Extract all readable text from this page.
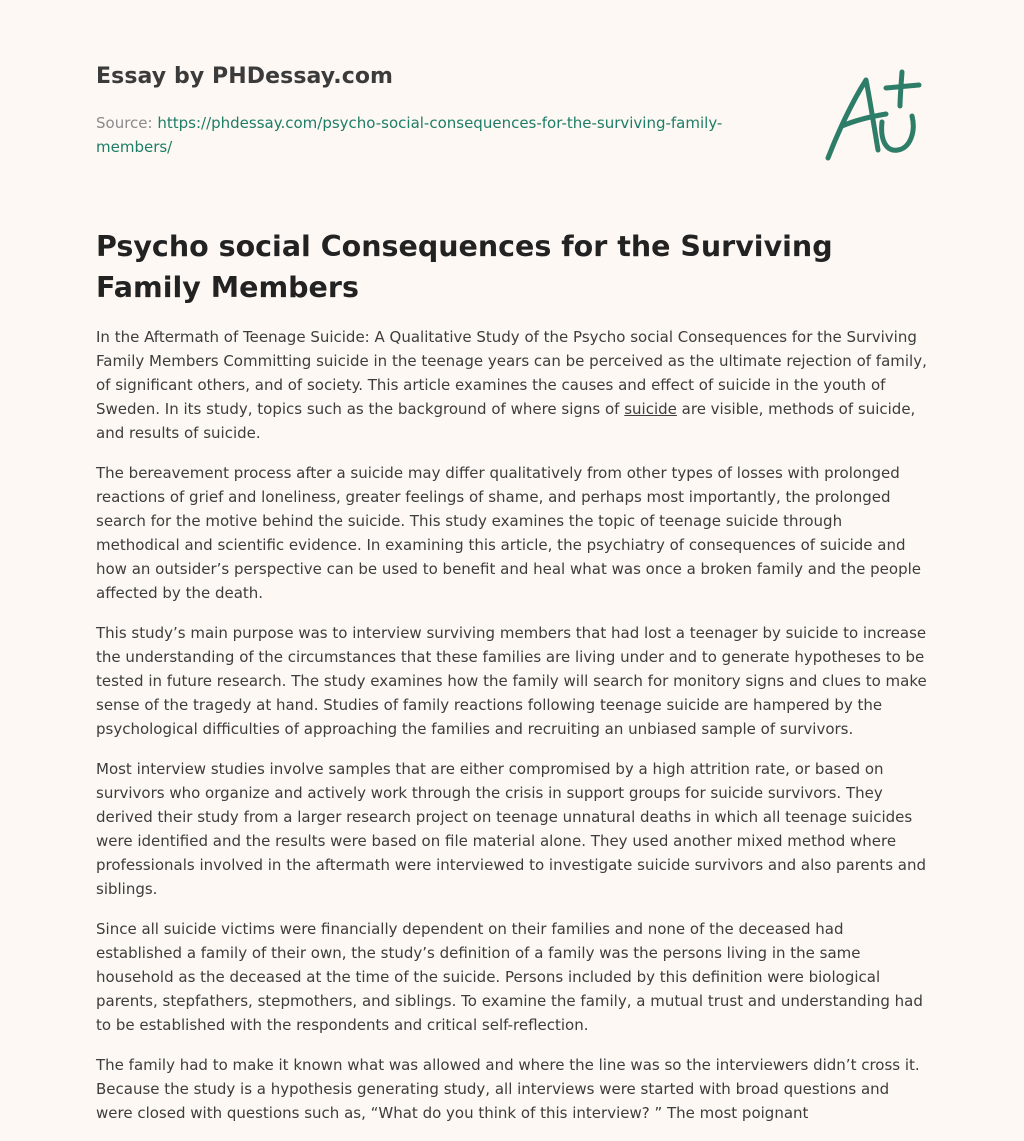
Essay by PHDessay.com
Source: https://phdessay.com/psycho-social-consequences-for-the-surviving-family-members/
Psycho social Consequences for the Surviving Family Members

In the Aftermath of Teenage Suicide: A Qualitative Study of the Psycho social Consequences for the Surviving Family Members Committing suicide in the teenage years can be perceived as the ultimate rejection of family, of significant others, and of society. This article examines the causes and effect of suicide in the youth of Sweden. In its study, topics such as the background of where signs of suicide are visible, methods of suicide, and results of suicide.

The bereavement process after a suicide may differ qualitatively from other types of losses with prolonged reactions of grief and loneliness, greater feelings of shame, and perhaps most importantly, the prolonged search for the motive behind the suicide. This study examines the topic of teenage suicide through methodical and scientific evidence. In examining this article, the psychiatry of consequences of suicide and how an outsider’s perspective can be used to benefit and heal what was once a broken family and the people affected by the death.

This study’s main purpose was to interview surviving members that had lost a teenager by suicide to increase the understanding of the circumstances that these families are living under and to generate hypotheses to be tested in future research. The study examines how the family will search for monitory signs and clues to make sense of the tragedy at hand. Studies of family reactions following teenage suicide are hampered by the psychological difficulties of approaching the families and recruiting an unbiased sample of survivors.

Most interview studies involve samples that are either compromised by a high attrition rate, or based on survivors who organize and actively work through the crisis in support groups for suicide survivors. They derived their study from a larger research project on teenage unnatural deaths in which all teenage suicides were identified and the results were based on file material alone. They used another mixed method where professionals involved in the aftermath were interviewed to investigate suicide survivors and also parents and siblings.

Since all suicide victims were financially dependent on their families and none of the deceased had established a family of their own, the study’s definition of a family was the persons living in the same household as the deceased at the time of the suicide. Persons included by this definition were biological parents, stepfathers, stepmothers, and siblings. To examine the family, a mutual trust and understanding had to be established with the respondents and critical self-reflection.

The family had to make it known what was allowed and where the line was so the interviewers didn’t cross it. Because the study is a hypothesis generating study, all interviews were started with broad questions and were closed with questions such as, “What do you think of this interview? ” The most poignant
